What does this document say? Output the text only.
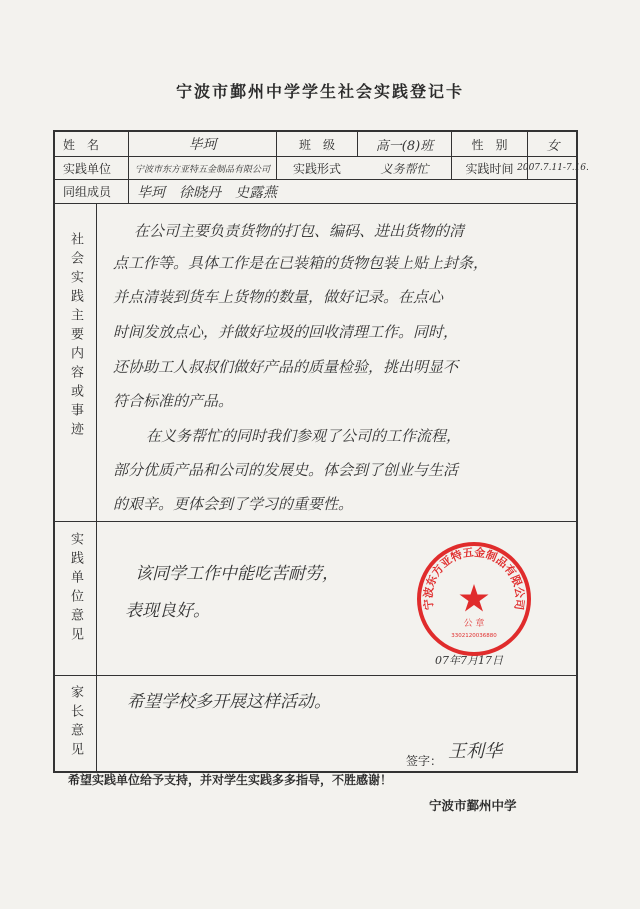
宁波市鄞州中学学生社会实践登记卡
姓　名	毕珂	班　级	高一(8)班	性　别	女
实践单位	宁波市东方亚特五金制品有限公司	实践形式	义务帮忙	实践时间 2007.7.11-7.16.
同组成员	毕珂　徐晓丹　史露燕
社会实践主要内容或事迹
在公司主要负责货物的打包、编码、进出货物的清
点工作等。具体工作是在已装箱的货物包装上贴上封条，
并点清装到货车上货物的数量，做好记录。在点心
时间发放点心，并做好垃圾的回收清理工作。同时，
还协助工人叔叔们做好产品的质量检验，挑出明显不
符合标准的产品。
　在义务帮忙的同时我们参观了公司的工作流程，
部分优质产品和公司的发展史。体会到了创业与生活
的艰辛。更体会到了学习的重要性。
实践单位意见	该同学工作中能吃苦耐劳，
表现良好。
07年7月17日
家长意见	希望学校多开展这样活动。
签字： 王利华
宁波东方亚特五金制品有限公司
公 章
3302120036880
希望实践单位给予支持，并对学生实践多多指导，不胜感谢！
宁波市鄞州中学
